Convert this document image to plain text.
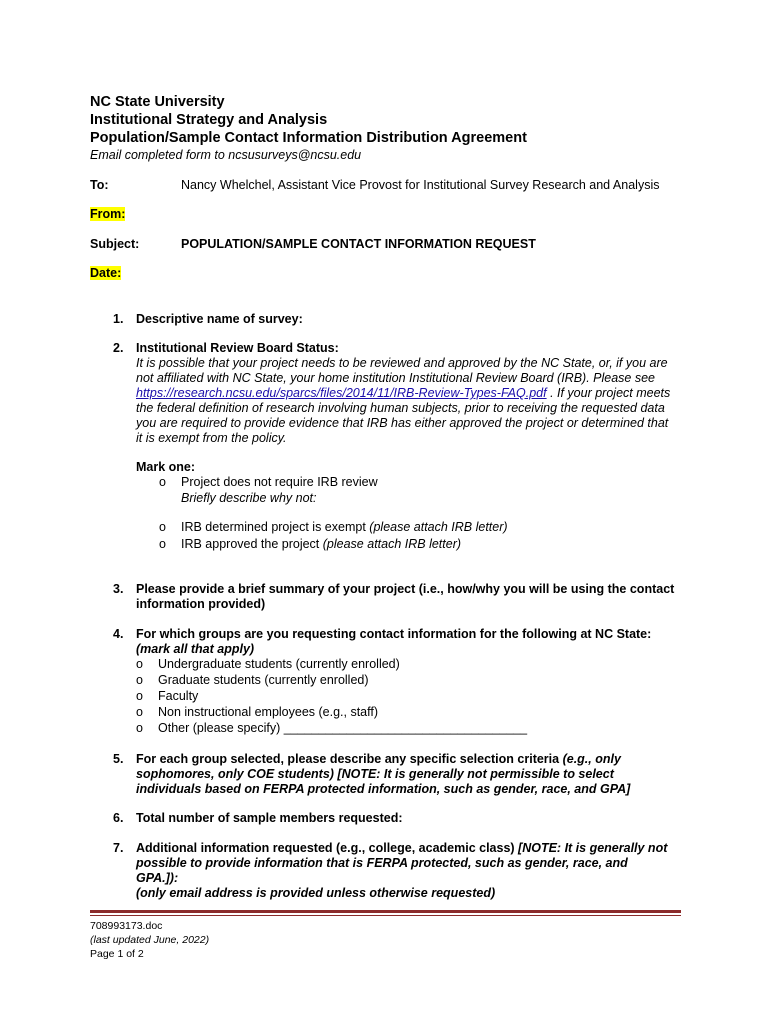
NC State University
Institutional Strategy and Analysis
Population/Sample Contact Information Distribution Agreement
Email completed form to ncsusurveys@ncsu.edu
To:	Nancy Whelchel, Assistant Vice Provost for Institutional Survey Research and Analysis
From:
Subject:	POPULATION/SAMPLE CONTACT INFORMATION REQUEST
Date:
1. Descriptive name of survey:
2. Institutional Review Board Status:
It is possible that your project needs to be reviewed and approved by the NC State, or, if you are
not affiliated with NC State, your home institution Institutional Review Board (IRB). Please see
https://research.ncsu.edu/sparcs/files/2014/11/IRB-Review-Types-FAQ.pdf . If your project meets
the federal definition of research involving human subjects, prior to receiving the requested data
you are required to provide evidence that IRB has either approved the project or determined that
it is exempt from the policy.
Mark one:
o Project does not require IRB review
Briefly describe why not:
o IRB determined project is exempt (please attach IRB letter)
o IRB approved the project (please attach IRB letter)
3. Please provide a brief summary of your project (i.e., how/why you will be using the contact
information provided)
4. For which groups are you requesting contact information for the following at NC State:
(mark all that apply)
o Undergraduate students (currently enrolled)
o Graduate students (currently enrolled)
o Faculty
o Non instructional employees (e.g., staff)
o Other (please specify) ___________________________________
5. For each group selected, please describe any specific selection criteria (e.g., only
sophomores, only COE students) [NOTE: It is generally not permissible to select
individuals based on FERPA protected information, such as gender, race, and GPA]
6. Total number of sample members requested:
7. Additional information requested (e.g., college, academic class) [NOTE: It is generally not
possible to provide information that is FERPA protected, such as gender, race, and
GPA.]):
(only email address is provided unless otherwise requested)
708993173.doc
(last updated June, 2022)
Page 1 of 2
